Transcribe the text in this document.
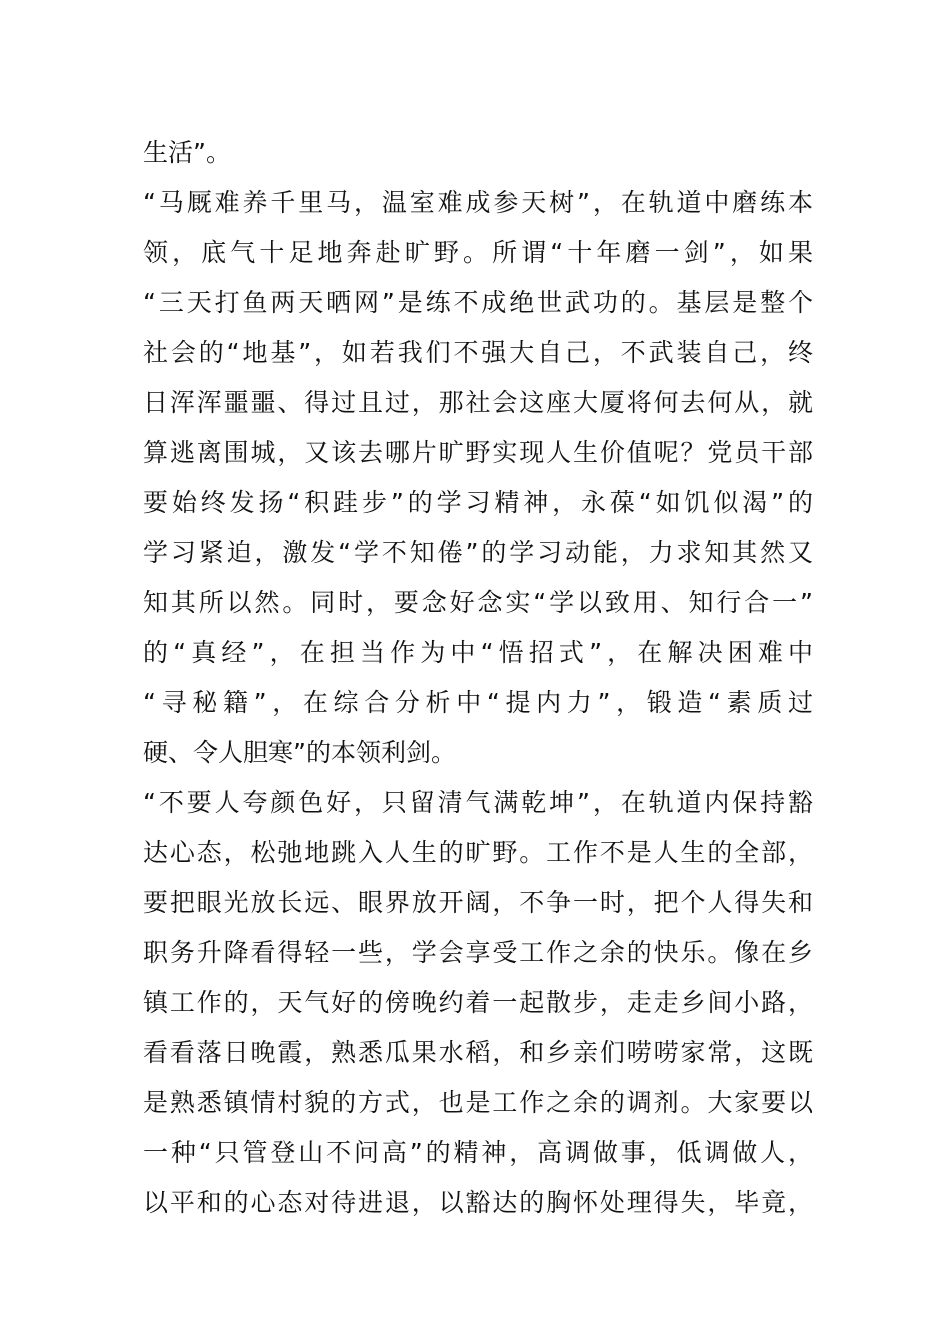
生活”。
“马厩难养千里马，温室难成参天树”，在轨道中磨练本
领，底气十足地奔赴旷野。所谓“十年磨一剑”，如果
“三天打鱼两天晒网”是练不成绝世武功的。基层是整个
社会的“地基”，如若我们不强大自己，不武装自己，终
日浑浑噩噩、得过且过，那社会这座大厦将何去何从，就
算逃离围城，又该去哪片旷野实现人生价值呢？党员干部
要始终发扬“积跬步”的学习精神，永葆“如饥似渴”的
学习紧迫，激发“学不知倦”的学习动能，力求知其然又
知其所以然。同时，要念好念实“学以致用、知行合一”
的“真经”，在担当作为中“悟招式”，在解决困难中
“寻秘籍”，在综合分析中“提内力”，锻造“素质过
硬、令人胆寒”的本领利剑。
“不要人夸颜色好，只留清气满乾坤”，在轨道内保持豁
达心态，松弛地跳入人生的旷野。工作不是人生的全部，
要把眼光放长远、眼界放开阔，不争一时，把个人得失和
职务升降看得轻一些，学会享受工作之余的快乐。像在乡
镇工作的，天气好的傍晚约着一起散步，走走乡间小路，
看看落日晚霞，熟悉瓜果水稻，和乡亲们唠唠家常，这既
是熟悉镇情村貌的方式，也是工作之余的调剂。大家要以
一种“只管登山不问高”的精神，高调做事，低调做人，
以平和的心态对待进退，以豁达的胸怀处理得失，毕竟，
